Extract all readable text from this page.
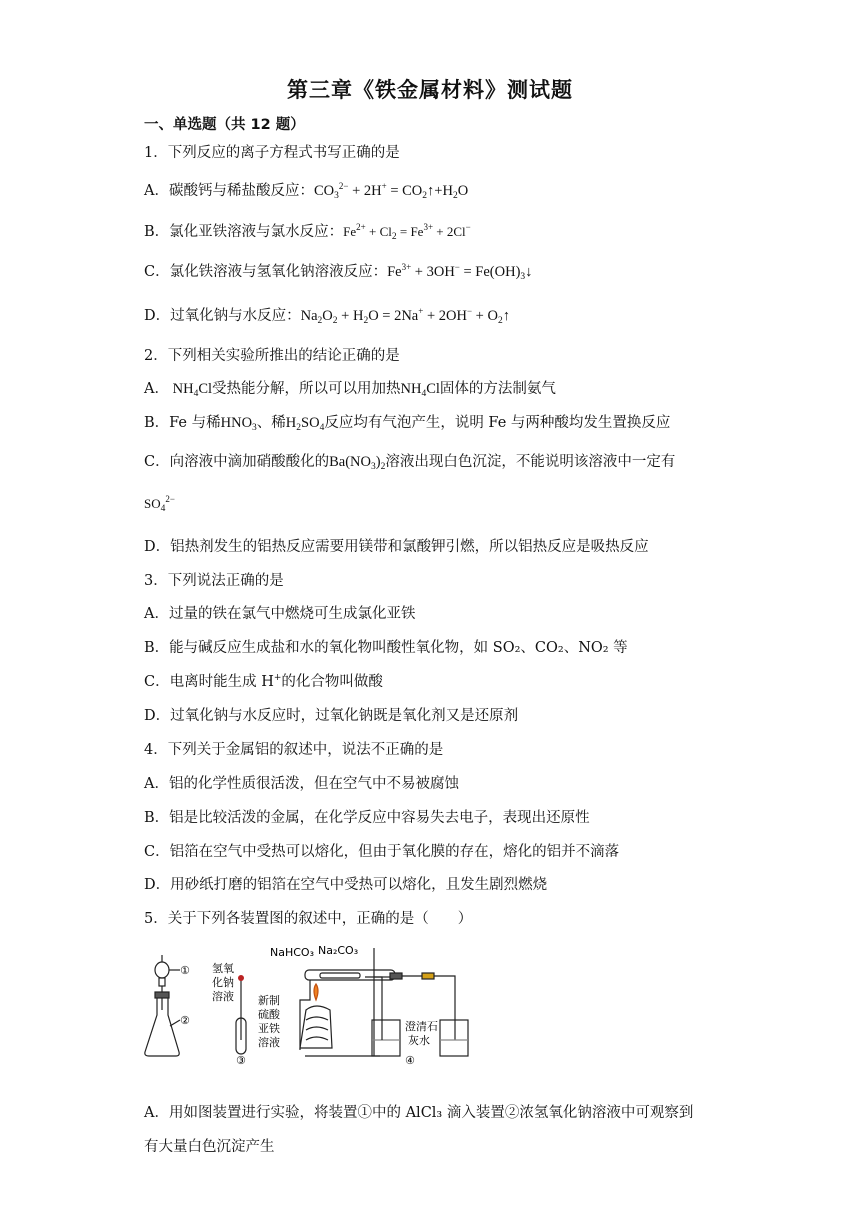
第三章《铁金属材料》测试题
一、单选题（共 12 题）
1．下列反应的离子方程式书写正确的是
A．碳酸钙与稀盐酸反应：$CO_3^{2-} + 2H^+$ = $CO_2↑+H_2O$
B．氯化亚铁溶液与氯水反应：$Fe^{2+} + Cl_2 = Fe^{3+} + 2Cl^-$
C．氯化铁溶液与氢氧化钠溶液反应：$Fe^{3+} + 3OH^-$ = $Fe(OH)_3↓$
D．过氧化钠与水反应：$Na_2O_2 + H_2O = 2Na^+ + 2OH^-$ + $O_2↑$
2．下列相关实验所推出的结论正确的是
A． $NH_4Cl$受热能分解，所以可以用加热$NH_4Cl$固体的方法制氨气
B．Fe 与稀$HNO_3$、稀$H_2SO_4$反应均有气泡产生，说明 Fe 与两种酸均发生置换反应
C．向溶液中滴加硝酸酸化的$Ba(NO_3)_2$溶液出现白色沉淀，不能说明该溶液中一定有
$SO_4^{2-}$
D．铝热剂发生的铝热反应需要用镁带和氯酸钾引燃，所以铝热反应是吸热反应
3．下列说法正确的是
A．过量的铁在氯气中燃烧可生成氯化亚铁
B．能与碱反应生成盐和水的氧化物叫酸性氧化物，如 SO₂、CO₂、NO₂ 等
C．电离时能生成 H+的化合物叫做酸
D．过氧化钠与水反应时，过氧化钠既是氧化剂又是还原剂
4．下列关于金属铝的叙述中，说法不正确的是
A．铝的化学性质很活泼，但在空气中不易被腐蚀
B．铝是比较活泼的金属，在化学反应中容易失去电子，表现出还原性
C．铝箔在空气中受热可以熔化，但由于氧化膜的存在，熔化的铝并不滴落
D．用砂纸打磨的铝箔在空气中受热可以熔化，且发生剧烈燃烧
5．关于下列各装置图的叙述中，正确的是（　　）
①
②
③	④
氢氧
化钠
溶液 新制
硫酸
亚铁
溶液
NaHCO₃ Na₂CO₃
澄清石
灰水
A．用如图装置进行实验，将装置①中的 AlCl₃ 滴入装置②浓氢氧化钠溶液中可观察到
有大量白色沉淀产生
